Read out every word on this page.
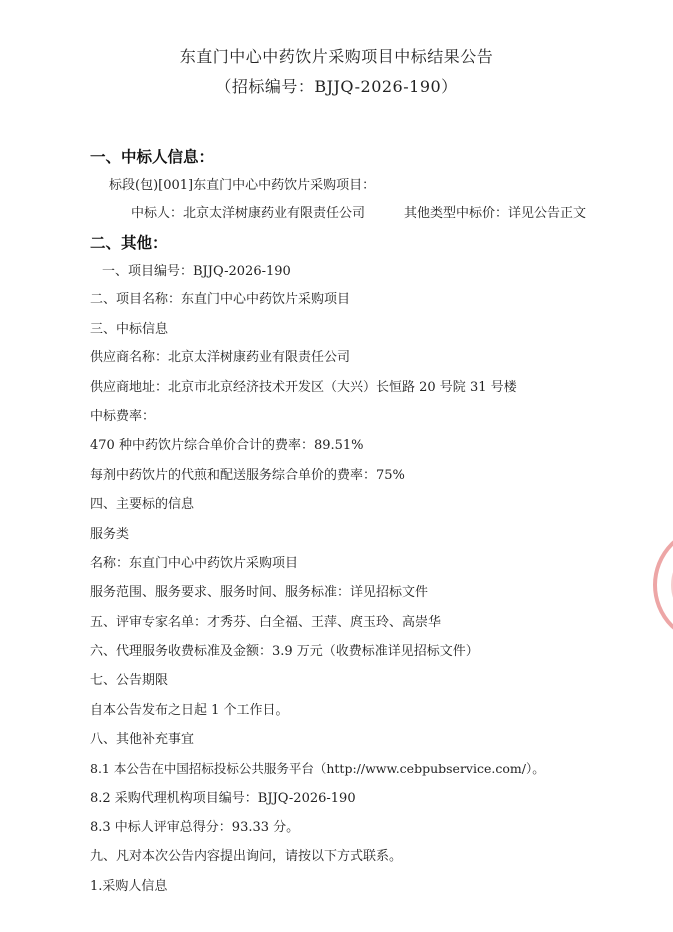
东直门中心中药饮片采购项目中标结果公告
（招标编号：BJJQ-2026-190）
一、中标人信息：
标段(包)[001]东直门中心中药饮片采购项目：
中标人：北京太洋树康药业有限责任公司	其他类型中标价：详见公告正文
二、其他：
一、项目编号：BJJQ-2026-190
二、项目名称：东直门中心中药饮片采购项目
三、中标信息
供应商名称：北京太洋树康药业有限责任公司
供应商地址：北京市北京经济技术开发区（大兴）长恒路 20 号院 31 号楼
中标费率：
470 种中药饮片综合单价合计的费率：89.51%
每剂中药饮片的代煎和配送服务综合单价的费率：75%
四、主要标的信息
服务类
名称：东直门中心中药饮片采购项目
服务范围、服务要求、服务时间、服务标准：详见招标文件
五、评审专家名单：才秀芬、白全福、王萍、庹玉玲、高崇华
六、代理服务收费标准及金额：3.9 万元（收费标准详见招标文件）
七、公告期限
自本公告发布之日起 1 个工作日。
八、其他补充事宜
8.1 本公告在中国招标投标公共服务平台（http://www.cebpubservice.com/）。
8.2 采购代理机构项目编号：BJJQ-2026-190
8.3 中标人评审总得分：93.33 分。
九、凡对本次公告内容提出询问，请按以下方式联系。
1.采购人信息
